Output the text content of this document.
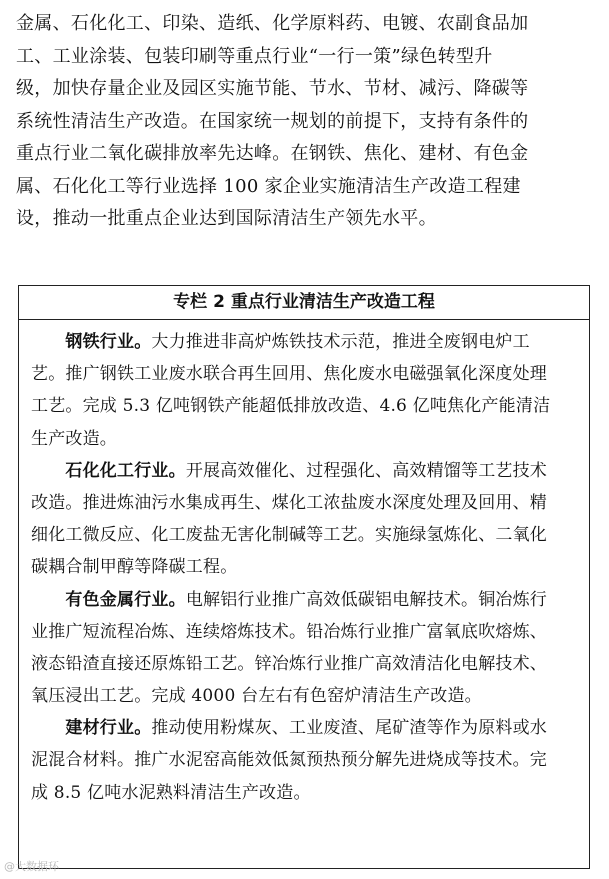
金属、石化化工、印染、造纸、化学原料药、电镀、农副食品加
工、工业涂装、包装印刷等重点行业“一行一策”绿色转型升
级，加快存量企业及园区实施节能、节水、节材、减污、降碳等
系统性清洁生产改造。在国家统一规划的前提下，支持有条件的
重点行业二氧化碳排放率先达峰。在钢铁、焦化、建材、有色金
属、石化化工等行业选择 100 家企业实施清洁生产改造工程建
设，推动一批重点企业达到国际清洁生产领先水平。
专栏 2 重点行业清洁生产改造工程
　　钢铁行业。大力推进非高炉炼铁技术示范，推进全废钢电炉工
艺。推广钢铁工业废水联合再生回用、焦化废水电磁强氧化深度处理
工艺。完成 5.3 亿吨钢铁产能超低排放改造、4.6 亿吨焦化产能清洁
生产改造。
　　石化化工行业。开展高效催化、过程强化、高效精馏等工艺技术
改造。推进炼油污水集成再生、煤化工浓盐废水深度处理及回用、精
细化工微反应、化工废盐无害化制碱等工艺。实施绿氢炼化、二氧化
碳耦合制甲醇等降碳工程。
　　有色金属行业。电解铝行业推广高效低碳铝电解技术。铜冶炼行
业推广短流程冶炼、连续熔炼技术。铅冶炼行业推广富氧底吹熔炼、
液态铅渣直接还原炼铅工艺。锌冶炼行业推广高效清洁化电解技术、
氧压浸出工艺。完成 4000 台左右有色窑炉清洁生产改造。
　　建材行业。推动使用粉煤灰、工业废渣、尾矿渣等作为原料或水
泥混合材料。推广水泥窑高能效低氮预热预分解先进烧成等技术。完
成 8.5 亿吨水泥熟料清洁生产改造。
@大数据环
